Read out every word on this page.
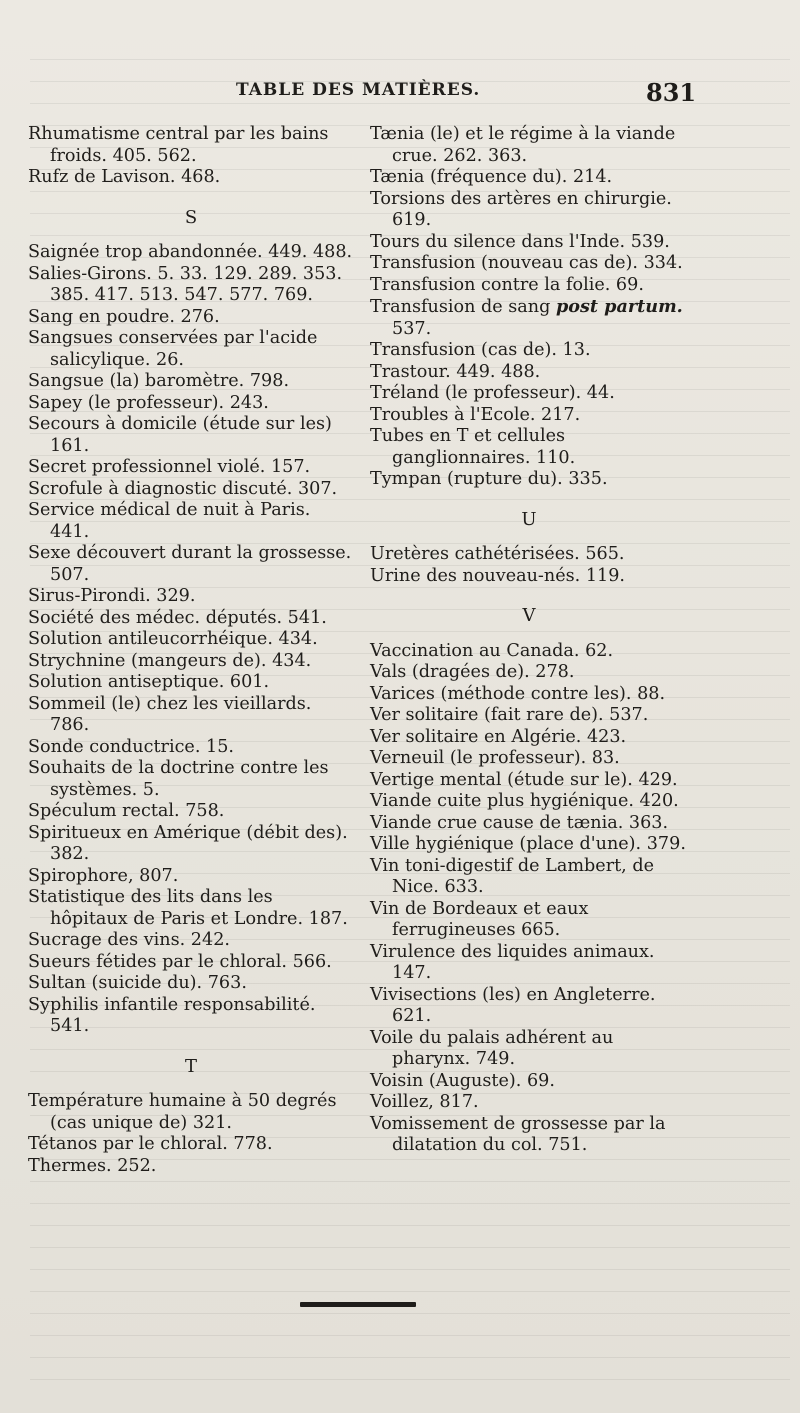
TABLE DES MATIÈRES.	831

Rhumatisme central par les bains froids. 405. 562.

Rufz de Lavison. 468.

S

Saignée trop abandonnée. 449. 488.

Salies-Girons. 5. 33. 129. 289. 353. 385. 417. 513. 547. 577. 769.

Sang en poudre. 276.

Sangsues conservées par l'acide salicylique. 26.

Sangsue (la) baromètre. 798.

Sapey (le professeur). 243.

Secours à domicile (étude sur les) 161.

Secret professionnel violé. 157.

Scrofule à diagnostic discuté. 307.

Service médical de nuit à Paris. 441.

Sexe découvert durant la grossesse. 507.

Sirus-Pirondi. 329.

Société des médec. députés. 541.

Solution antileucorrhéique. 434.

Strychnine (mangeurs de). 434.

Solution antiseptique. 601.

Sommeil (le) chez les vieillards. 786.

Sonde conductrice. 15.

Souhaits de la doctrine contre les systèmes. 5.

Spéculum rectal. 758.

Spiritueux en Amérique (débit des). 382.

Spirophore, 807.

Statistique des lits dans les hôpitaux de Paris et Londre. 187.

Sucrage des vins. 242.

Sueurs fétides par le chloral. 566.

Sultan (suicide du). 763.

Syphilis infantile responsabilité. 541.

T

Température humaine à 50 degrés (cas unique de) 321.

Tétanos par le chloral. 778.

Thermes. 252.

Tænia (le) et le régime à la viande crue. 262. 363.

Tænia (fréquence du). 214.

Torsions des artères en chirurgie. 619.

Tours du silence dans l'Inde. 539.

Transfusion (nouveau cas de). 334.

Transfusion contre la folie. 69.

Transfusion de sang post partum. 537.

Transfusion (cas de). 13.

Trastour. 449. 488.

Tréland (le professeur). 44.

Troubles à l'Ecole. 217.

Tubes en T et cellules ganglionnaires. 110.

Tympan (rupture du). 335.

U

Uretères cathétérisées. 565.

Urine des nouveau-nés. 119.

V

Vaccination au Canada. 62.

Vals (dragées de). 278.

Varices (méthode contre les). 88.

Ver solitaire (fait rare de). 537.

Ver solitaire en Algérie. 423.

Verneuil (le professeur). 83.

Vertige mental (étude sur le). 429.

Viande cuite plus hygiénique. 420.

Viande crue cause de tænia. 363.

Ville hygiénique (place d'une). 379.

Vin toni-digestif de Lambert, de Nice. 633.

Vin de Bordeaux et eaux ferrugineuses 665.

Virulence des liquides animaux. 147.

Vivisections (les) en Angleterre. 621.

Voile du palais adhérent au pharynx. 749.

Voisin (Auguste). 69.

Voillez, 817.

Vomissement de grossesse par la dilatation du col. 751.
